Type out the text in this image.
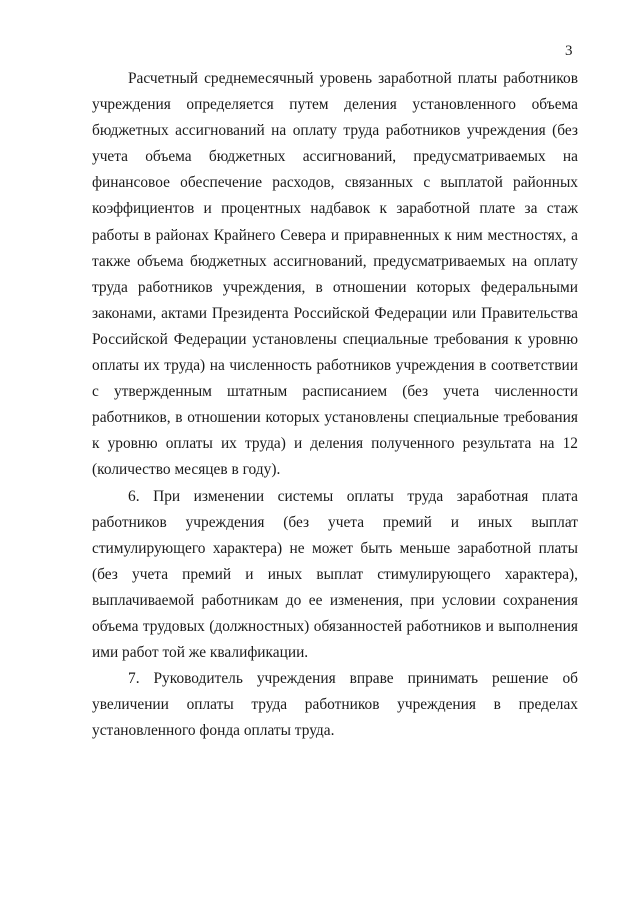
3

Расчетный среднемесячный уровень заработной платы работников учреждения определяется путем деления установленного объема бюджетных ассигнований на оплату труда работников учреждения (без учета объема бюджетных ассигнований, предусматриваемых на финансовое обеспечение расходов, связанных с выплатой районных коэффициентов и процентных надбавок к заработной плате за стаж работы в районах Крайнего Севера и приравненных к ним местностях, а также объема бюджетных ассигнований, предусматриваемых на оплату труда работников учреждения, в отношении которых федеральными законами, актами Президента Российской Федерации или Правительства Российской Федерации установлены специальные требования к уровню оплаты их труда) на численность работников учреждения в соответствии с утвержденным штатным расписанием (без учета численности работников, в отношении которых установлены специальные требования к уровню оплаты их труда) и деления полученного результата на 12 (количество месяцев в году).

6. При изменении системы оплаты труда заработная плата работников учреждения (без учета премий и иных выплат стимулирующего характера) не может быть меньше заработной платы (без учета премий и иных выплат стимулирующего характера), выплачиваемой работникам до ее изменения, при условии сохранения объема трудовых (должностных) обязанностей работников и выполнения ими работ той же квалификации.

7. Руководитель учреждения вправе принимать решение об увеличении оплаты труда работников учреждения в пределах установленного фонда оплаты труда.
